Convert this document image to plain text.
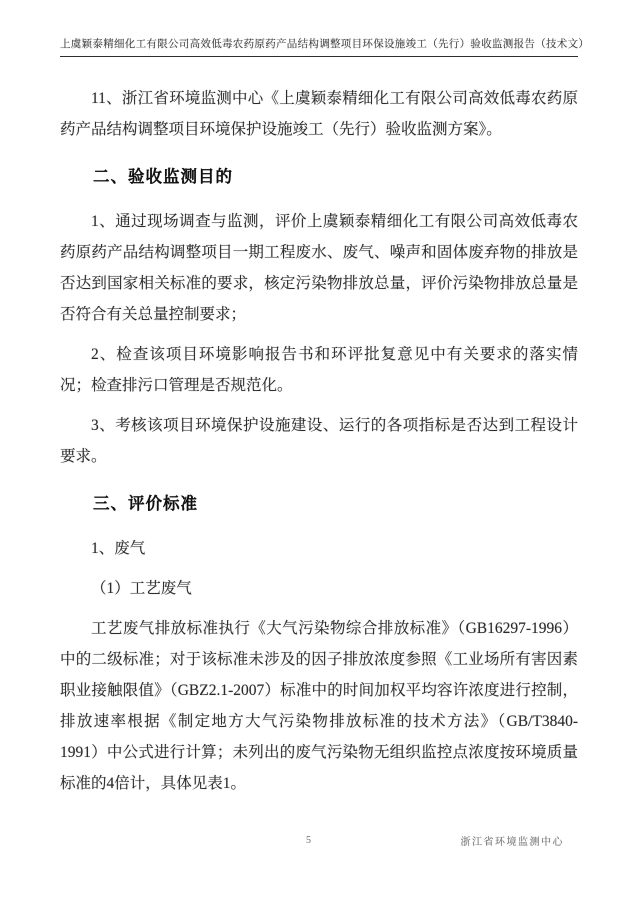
上虞颖泰精细化工有限公司高效低毒农药原药产品结构调整项目环保设施竣工（先行）验收监测报告（技术文）

11、浙江省环境监测中心《上虞颖泰精细化工有限公司高效低毒农药原药产品结构调整项目环境保护设施竣工（先行）验收监测方案》。

二、验收监测目的

1、通过现场调查与监测，评价上虞颖泰精细化工有限公司高效低毒农药原药产品结构调整项目一期工程废水、废气、噪声和固体废弃物的排放是否达到国家相关标准的要求，核定污染物排放总量，评价污染物排放总量是否符合有关总量控制要求；

2、检查该项目环境影响报告书和环评批复意见中有关要求的落实情况；检查排污口管理是否规范化。

3、考核该项目环境保护设施建设、运行的各项指标是否达到工程设计要求。

三、评价标准

1、废气

（1）工艺废气

工艺废气排放标准执行《大气污染物综合排放标准》（GB16297-1996）中的二级标准；对于该标准未涉及的因子排放浓度参照《工业场所有害因素职业接触限值》（GBZ2.1-2007）标准中的时间加权平均容许浓度进行控制，排放速率根据《制定地方大气污染物排放标准的技术方法》（GB/T3840-1991）中公式进行计算；未列出的废气污染物无组织监控点浓度按环境质量标准的4倍计，具体见表1。

5	浙江省环境监测中心
